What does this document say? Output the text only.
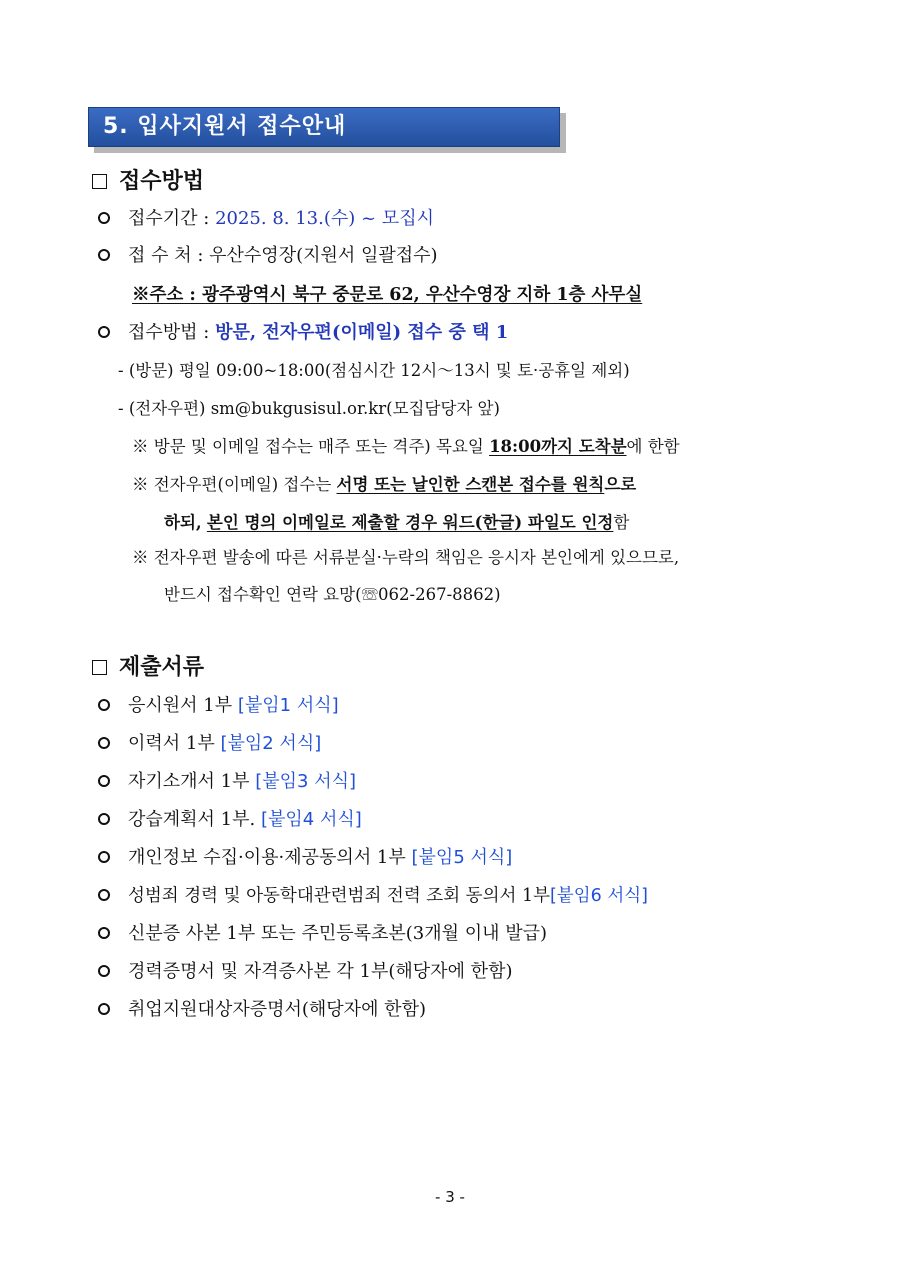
5. 입사지원서 접수안내
접수방법
접수기간 : 2025. 8. 13.(수) ~ 모집시
접 수 처 : 우산수영장(지원서 일괄접수)
※주소 : 광주광역시 북구 중문로 62, 우산수영장 지하 1층 사무실
접수방법 : 방문, 전자우편(이메일) 접수 중 택 1
- (방문) 평일 09:00~18:00(점심시간 12시～13시 및 토·공휴일 제외)
- (전자우편) sm@bukgusisul.or.kr(모집담당자 앞)
※ 방문 및 이메일 접수는 매주 또는 격주) 목요일 18:00까지 도착분에 한함
※ 전자우편(이메일) 접수는 서명 또는 날인한 스캔본 접수를 원칙으로
하되, 본인 명의 이메일로 제출할 경우 워드(한글) 파일도 인정함
※ 전자우편 발송에 따른 서류분실·누락의 책임은 응시자 본인에게 있으므로,
반드시 접수확인 연락 요망(☏062-267-8862)
제출서류
응시원서 1부 [붙임1 서식]
이력서 1부 [붙임2 서식]
자기소개서 1부 [붙임3 서식]
강습계획서 1부. [붙임4 서식]
개인정보 수집·이용·제공동의서 1부 [붙임5 서식]
성범죄 경력 및 아동학대관련범죄 전력 조회 동의서 1부[붙임6 서식]
신분증 사본 1부 또는 주민등록초본(3개월 이내 발급)
경력증명서 및 자격증사본 각 1부(해당자에 한함)
취업지원대상자증명서(해당자에 한함)
- 3 -
